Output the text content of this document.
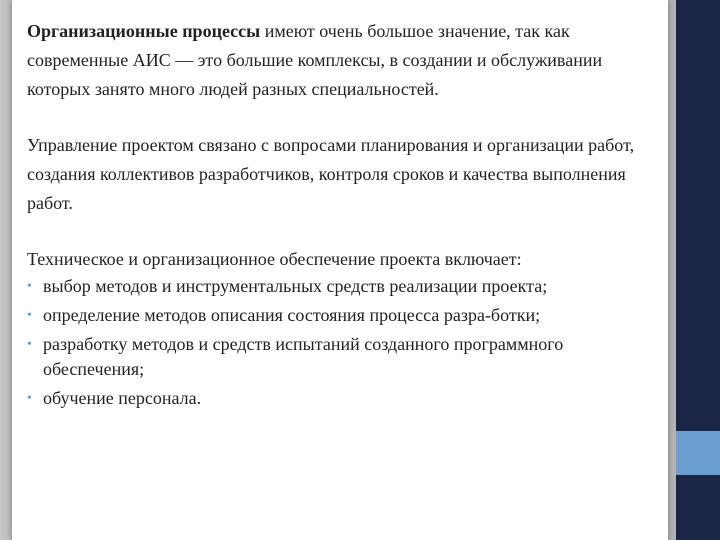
Организационные процессы имеют очень большое значение, так как современные АИС — это большие комплексы, в создании и обслуживании которых занято много людей разных специальностей.

Управление проектом связано с вопросами планирования и организации работ, создания коллективов разработчиков, контроля сроков и качества выполнения работ.

Техническое и организационное обеспечение проекта включает:

• выбор методов и инструментальных средств реализации проекта;
• определение методов описания состояния процесса разра-ботки;
• разработку методов и средств испытаний созданного программного обеспечения;
• обучение персонала.
